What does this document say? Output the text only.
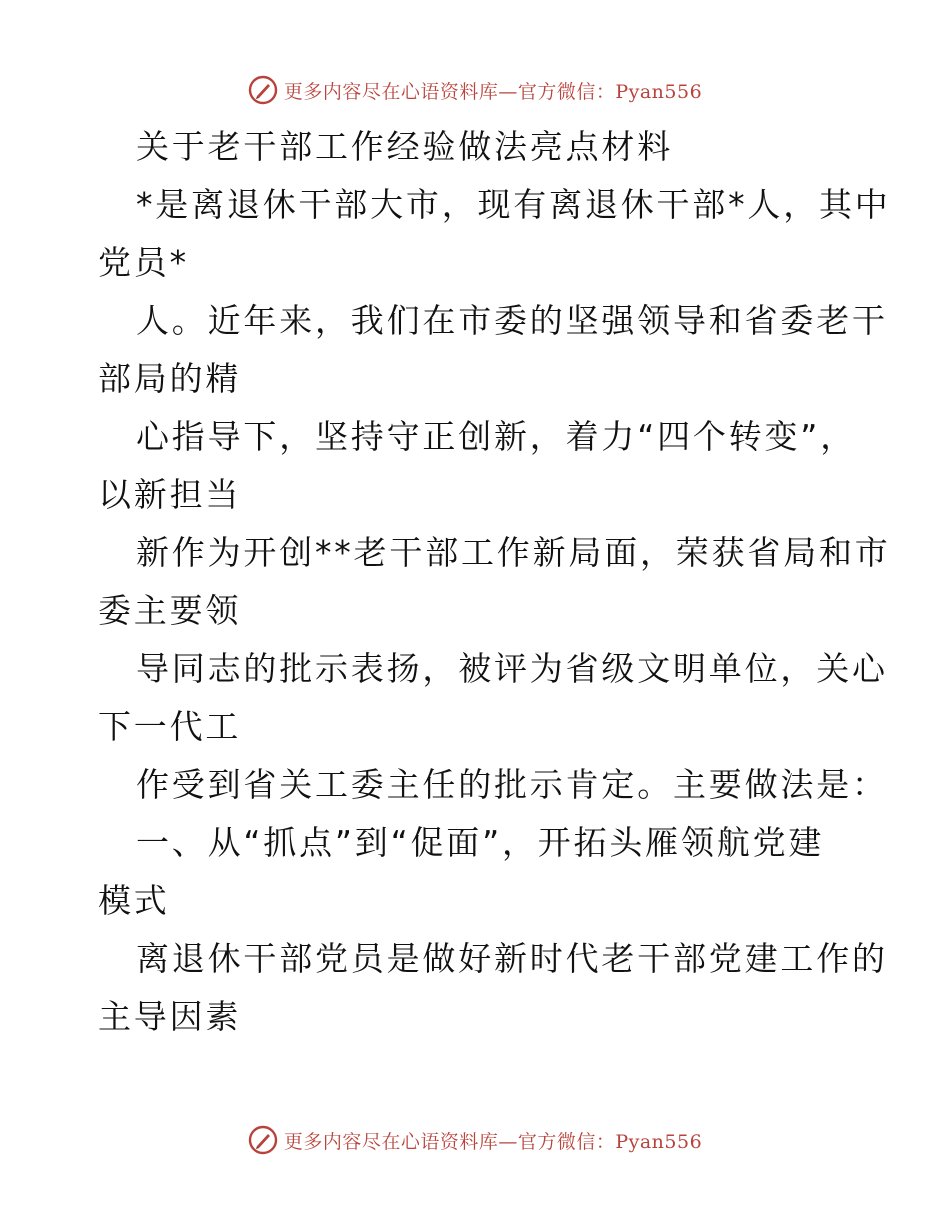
更多内容尽在心语资料库—官方微信：Pyan556
关于老干部工作经验做法亮点材料
*是离退休干部大市，现有离退休干部*人，其中
党员*
人。近年来，我们在市委的坚强领导和省委老干
部局的精
心指导下，坚持守正创新，着力“四个转变”，
以新担当
新作为开创**老干部工作新局面，荣获省局和市
委主要领
导同志的批示表扬，被评为省级文明单位，关心
下一代工
作受到省关工委主任的批示肯定。主要做法是：
一、从“抓点”到“促面”，开拓头雁领航党建
模式
离退休干部党员是做好新时代老干部党建工作的
主导因素
更多内容尽在心语资料库—官方微信：Pyan556
